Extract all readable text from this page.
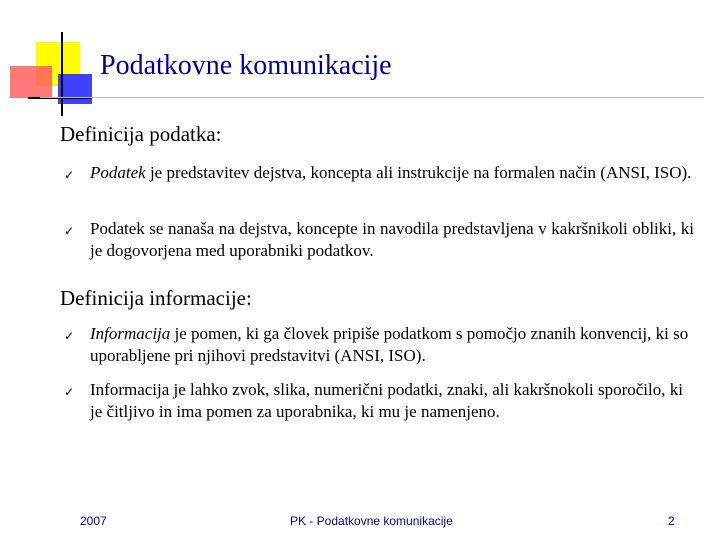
Podatkovne komunikacije
Definicija podatka:
✓ Podatek je predstavitev dejstva, koncepta ali instrukcije na formalen način (ANSI, ISO).
✓ Podatek se nanaša na dejstva, koncepte in navodila predstavljena v kakršnikoli obliki, ki je dogovorjena med uporabniki podatkov.
Definicija informacije:
✓ Informacija je pomen, ki ga človek pripiše podatkom s pomočjo znanih konvencij, ki so uporabljene pri njihovi predstavitvi (ANSI, ISO).
✓ Informacija je lahko zvok, slika, numerični podatki, znaki, ali kakršnokoli sporočilo, ki je čitljivo in ima pomen za uporabnika, ki mu je namenjeno.
2007	PK - Podatkovne komunikacije	2
